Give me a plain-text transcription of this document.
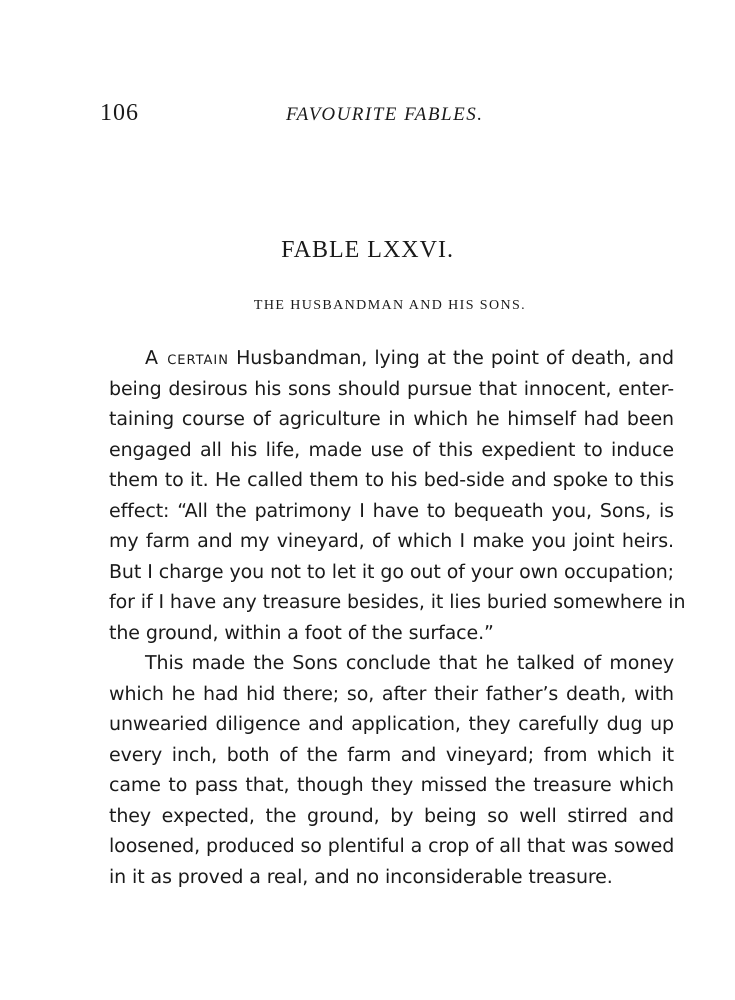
106	FAVOURITE FABLES.
FABLE LXXVI.
THE HUSBANDMAN AND HIS SONS.
A certain Husbandman, lying at the point of death, and
being desirous his sons should pursue that innocent, enter-
taining course of agriculture in which he himself had been
engaged all his life, made use of this expedient to induce
them to it. He called them to his bed-side and spoke to this
effect: “All the patrimony I have to bequeath you, Sons, is
my farm and my vineyard, of which I make you joint heirs.
But I charge you not to let it go out of your own occupation;
for if I have any treasure besides, it lies buried somewhere in
the ground, within a foot of the surface.”
This made the Sons conclude that he talked of money
which he had hid there; so, after their father’s death, with
unwearied diligence and application, they carefully dug up
every inch, both of the farm and vineyard; from which it
came to pass that, though they missed the treasure which
they expected, the ground, by being so well stirred and
loosened, produced so plentiful a crop of all that was sowed
in it as proved a real, and no inconsiderable treasure.
